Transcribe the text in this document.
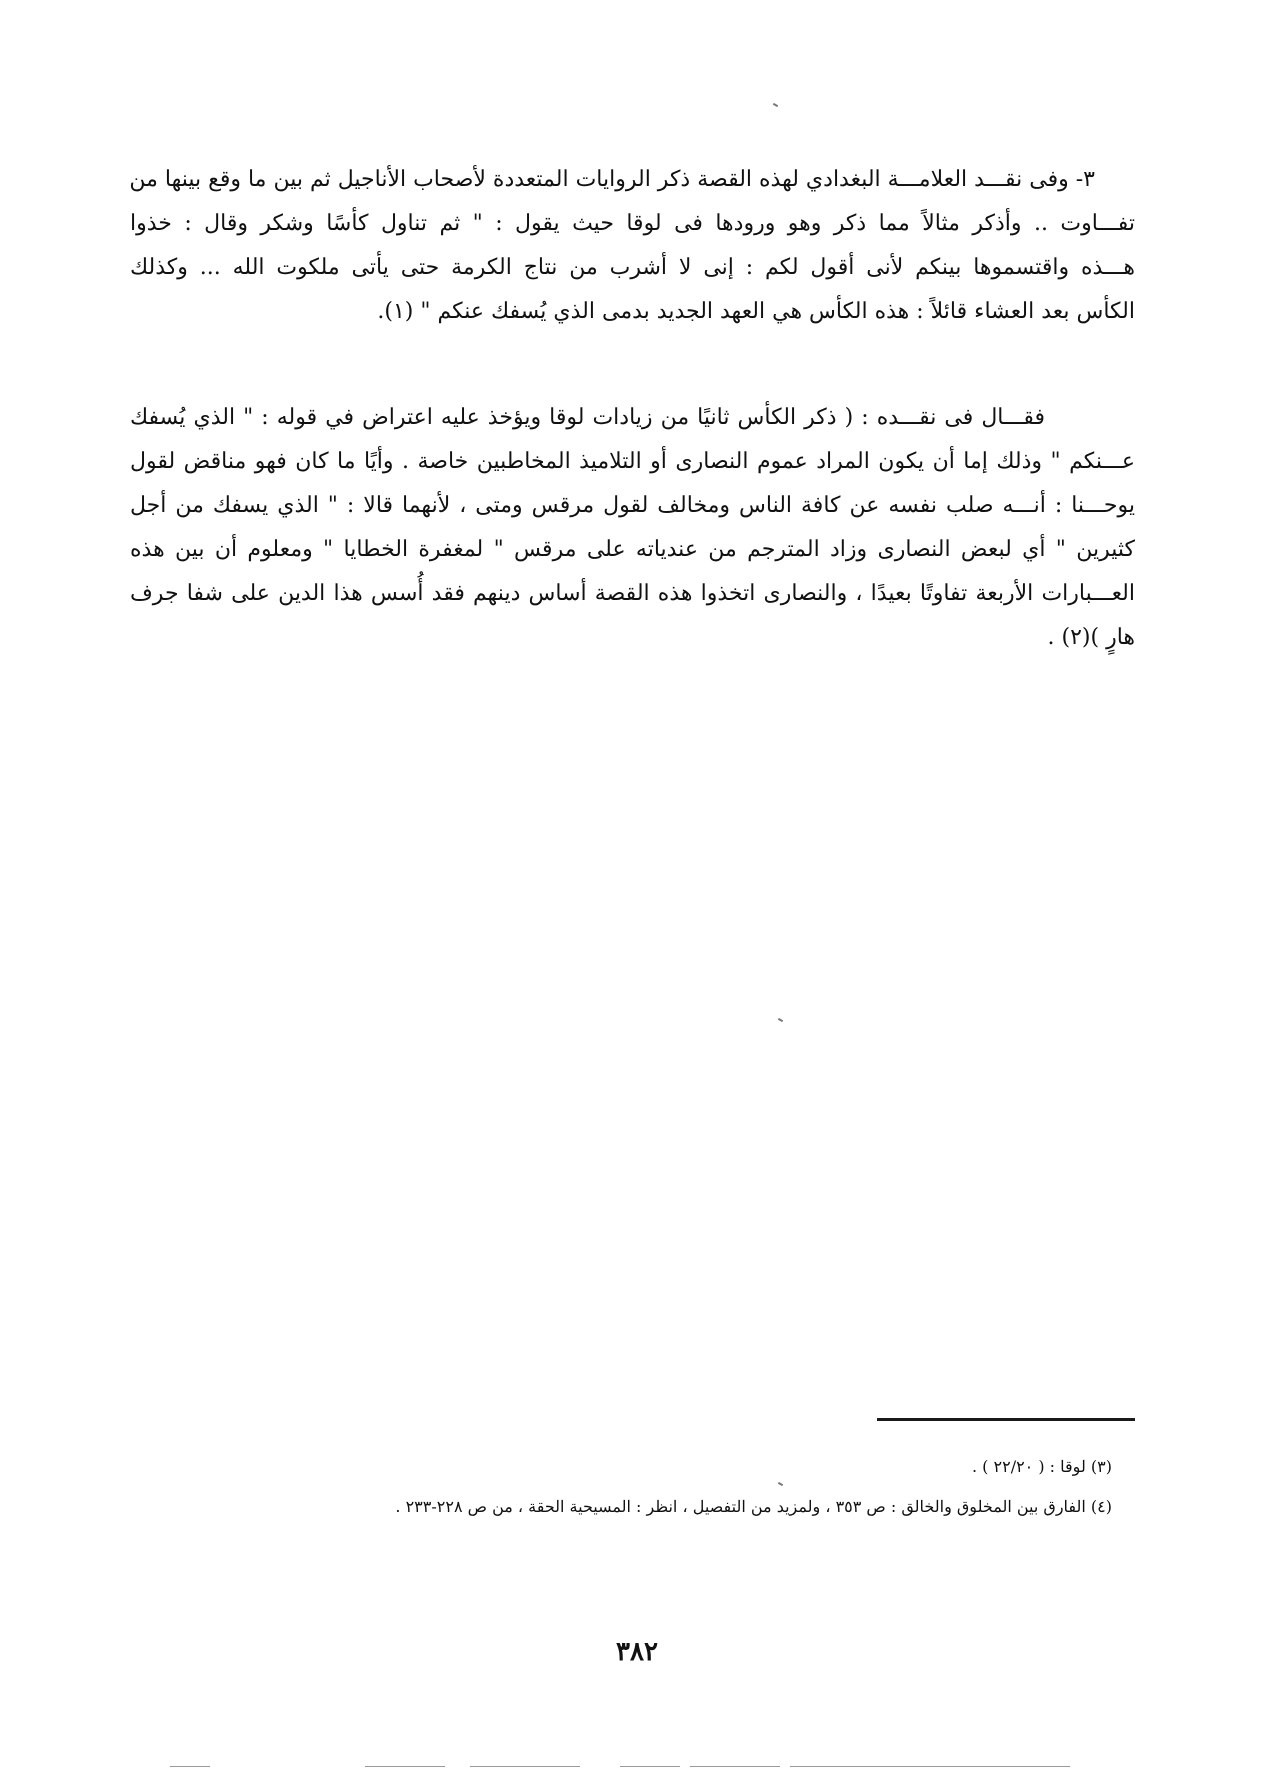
٣- وفى نقـــد العلامـــة البغدادي لهذه القصة ذكر الروايات المتعددة لأصحاب الأناجيل ثم بين ما وقع بينها من
تفـــاوت .. وأذكر مثالاً مما ذكر وهو ورودها فى لوقا حيث يقول : " ثم تناول كأسًا وشكر وقال : خذوا
هـــذه واقتسموها بينكم لأنى أقول لكم : إنى لا أشرب من نتاج الكرمة حتى يأتى ملكوت الله ... وكذلك
الكأس بعد العشاء قائلاً : هذه الكأس هي العهد الجديد بدمى الذي يُسفك عنكم " (١).
فقـــال فى نقـــده : ( ذكر الكأس ثانيًا من زيادات لوقا ويؤخذ عليه اعتراض في قوله : " الذي يُسفك
عـــنكم " وذلك إما أن يكون المراد عموم النصارى أو التلاميذ المخاطبين خاصة . وأيًا ما كان فهو مناقض لقول
يوحـــنا : أنـــه صلب نفسه عن كافة الناس ومخالف لقول مرقس ومتى ، لأنهما قالا : " الذي يسفك من أجل
كثيرين " أي لبعض النصارى وزاد المترجم من عندياته على مرقس " لمغفرة الخطايا " ومعلوم أن بين هذه
العـــبارات الأربعة تفاوتًا بعيدًا ، والنصارى اتخذوا هذه القصة أساس دينهم فقد أُسس هذا الدين على شفا جرف
هارٍ )(٢) .
(٣) لوقا : ( ٢٢/٢٠ ) .
(٤) الفارق بين المخلوق والخالق : ص ٣٥٣ ، ولمزيد من التفصيل ، انظر : المسيحية الحقة ، من ص ٢٢٨-٢٣٣ .
٣٨٢
